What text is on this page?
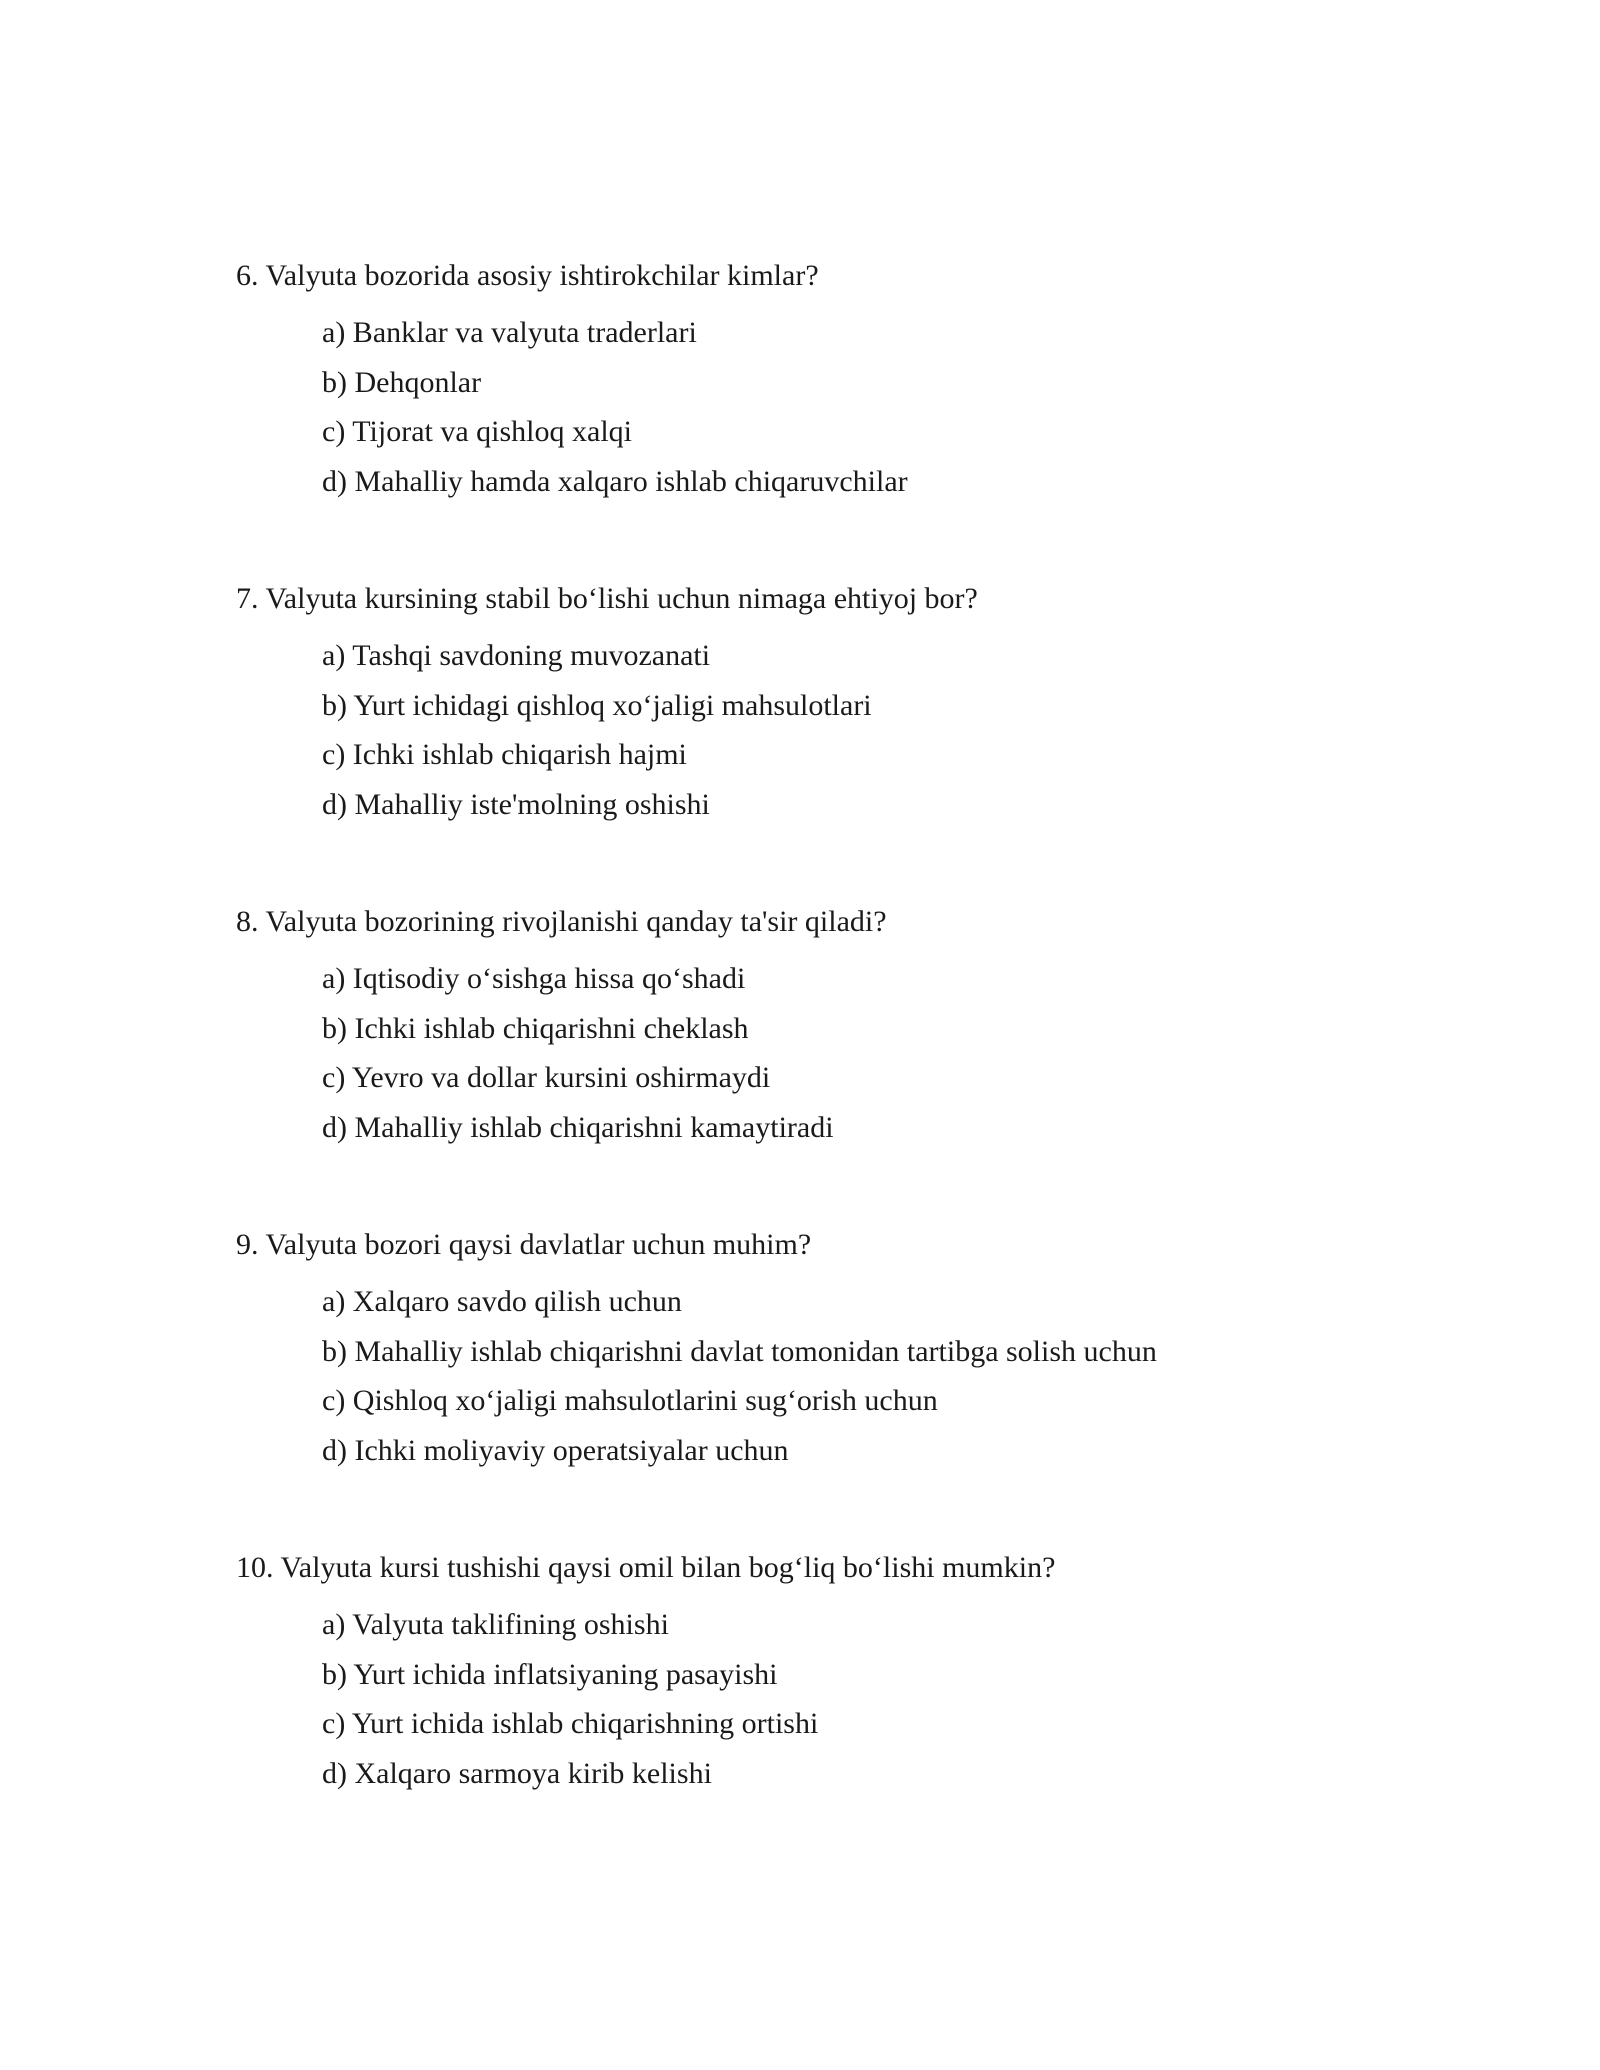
6. Valyuta bozorida asosiy ishtirokchilar kimlar?

a) Banklar va valyuta traderlari
b) Dehqonlar
c) Tijorat va qishloq xalqi
d) Mahalliy hamda xalqaro ishlab chiqaruvchilar

7. Valyuta kursining stabil boʻlishi uchun nimaga ehtiyoj bor?

a) Tashqi savdoning muvozanati
b) Yurt ichidagi qishloq xoʻjaligi mahsulotlari
c) Ichki ishlab chiqarish hajmi
d) Mahalliy iste'molning oshishi

8. Valyuta bozorining rivojlanishi qanday ta'sir qiladi?

a) Iqtisodiy oʻsishga hissa qoʻshadi
b) Ichki ishlab chiqarishni cheklash
c) Yevro va dollar kursini oshirmaydi
d) Mahalliy ishlab chiqarishni kamaytiradi

9. Valyuta bozori qaysi davlatlar uchun muhim?

a) Xalqaro savdo qilish uchun
b) Mahalliy ishlab chiqarishni davlat tomonidan tartibga solish uchun
c) Qishloq xoʻjaligi mahsulotlarini sugʻorish uchun
d) Ichki moliyaviy operatsiyalar uchun

10. Valyuta kursi tushishi qaysi omil bilan bogʻliq boʻlishi mumkin?

a) Valyuta taklifining oshishi
b) Yurt ichida inflatsiyaning pasayishi
c) Yurt ichida ishlab chiqarishning ortishi
d) Xalqaro sarmoya kirib kelishi
